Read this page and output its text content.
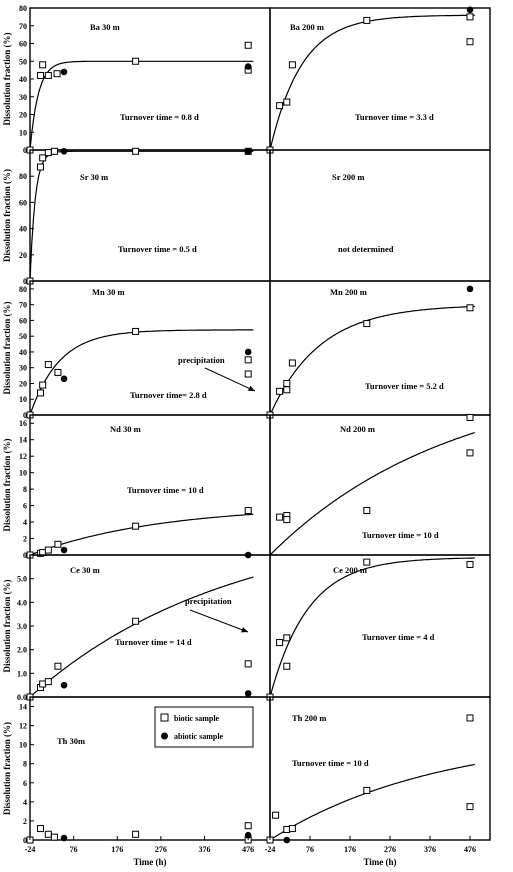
0
10
20
30
40
50
60
70
80
Ba 30 m
Turnover time = 0.8 d
Ba 200 m
Turnover time = 3.3 d
0
20
40
60
80	Sr 30 m
Turnover time = 0.5 d
Sr 200 m
not determined
0
10
20
30
40
50
60
70
80	Mn 30 m
Turnover time= 2.8 d
precipitation
Mn 200 m
Turnover time = 5.2 d
0
2
4
6
8
10
12
14
16
Nd 30 m
Turnover time = 10 d
Nd 200 m
Turnover time = 10 d
0.0
1.0
2.0
3.0
4.0
5.0
Ce 30 m
Turnover time = 14 d
precipitation
Ce 200 m
Turnover time = 4 d
0
2
4
6
8
10
12
14
Th 30m
Th 200 m
Turnover time = 10 d
-24	76	176	276	376	476
Time (h)
-24	76	176	276	376	476
Time (h)
Dissolution fraction (%)
Dissolution fraction (%)
Dissolution fraction (%)
Dissolution fraction (%)
Dissolution fraction (%)
Dissolution fraction (%)
biotic sample
abiotic sample
